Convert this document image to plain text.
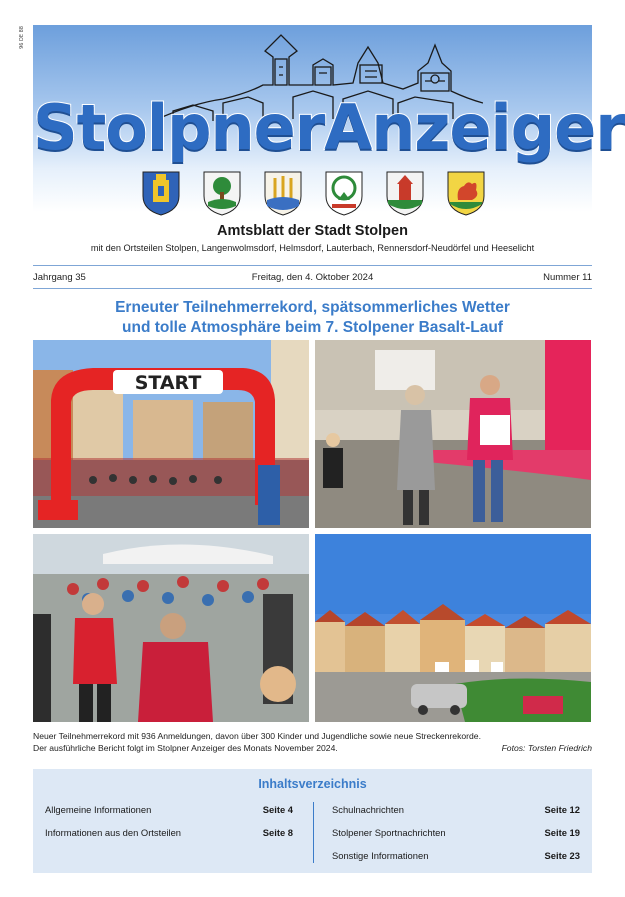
96 DE 88
StolpnerAnzeiger
Amtsblatt der Stadt Stolpen
mit den Ortsteilen Stolpen, Langenwolmsdorf, Helmsdorf, Lauterbach, Rennersdorf-Neudörfel und Heeselicht
Jahrgang 35	Freitag, den 4. Oktober 2024	Nummer 11
Erneuter Teilnehmerrekord, spätsommerliches Wetter
und tolle Atmosphäre beim 7. Stolpener Basalt-Lauf
START
Neuer Teilnehmerrekord mit 936 Anmeldungen, davon über 300 Kinder und Jugendliche sowie neue Streckenrekorde.
Der ausführliche Bericht folgt im Stolpner Anzeiger des Monats November 2024.	Fotos: Torsten Friedrich
Inhaltsverzeichnis
Allgemeine Informationen	Seite 4
Informationen aus den Ortsteilen	Seite 8
Schulnachrichten	Seite 12
Stolpener Sportnachrichten	Seite 19
Sonstige Informationen	Seite 23
